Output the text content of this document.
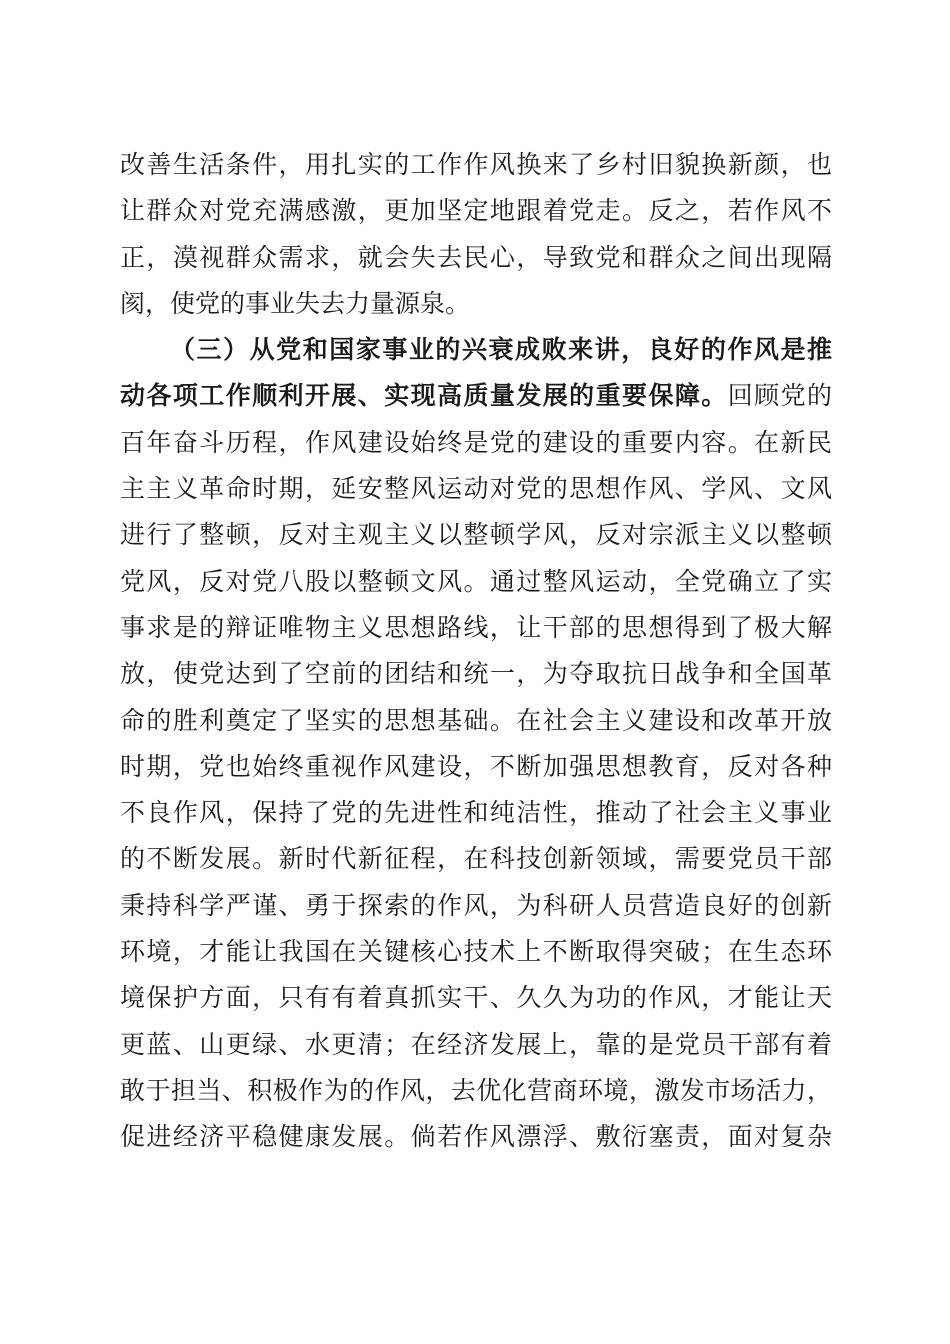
改善生活条件，用扎实的工作作风换来了乡村旧貌换新颜，也
让群众对党充满感激，更加坚定地跟着党走。反之，若作风不
正，漠视群众需求，就会失去民心，导致党和群众之间出现隔
阂，使党的事业失去力量源泉。
（三）从党和国家事业的兴衰成败来讲，良好的作风是推
动各项工作顺利开展、实现高质量发展的重要保障。回顾党的
百年奋斗历程，作风建设始终是党的建设的重要内容。在新民
主主义革命时期，延安整风运动对党的思想作风、学风、文风
进行了整顿，反对主观主义以整顿学风，反对宗派主义以整顿
党风，反对党八股以整顿文风。通过整风运动，全党确立了实
事求是的辩证唯物主义思想路线，让干部的思想得到了极大解
放，使党达到了空前的团结和统一，为夺取抗日战争和全国革
命的胜利奠定了坚实的思想基础。在社会主义建设和改革开放
时期，党也始终重视作风建设，不断加强思想教育，反对各种
不良作风，保持了党的先进性和纯洁性，推动了社会主义事业
的不断发展。新时代新征程，在科技创新领域，需要党员干部
秉持科学严谨、勇于探索的作风，为科研人员营造良好的创新
环境，才能让我国在关键核心技术上不断取得突破；在生态环
境保护方面，只有有着真抓实干、久久为功的作风，才能让天
更蓝、山更绿、水更清；在经济发展上，靠的是党员干部有着
敢于担当、积极作为的作风，去优化营商环境，激发市场活力，
促进经济平稳健康发展。倘若作风漂浮、敷衍塞责，面对复杂
